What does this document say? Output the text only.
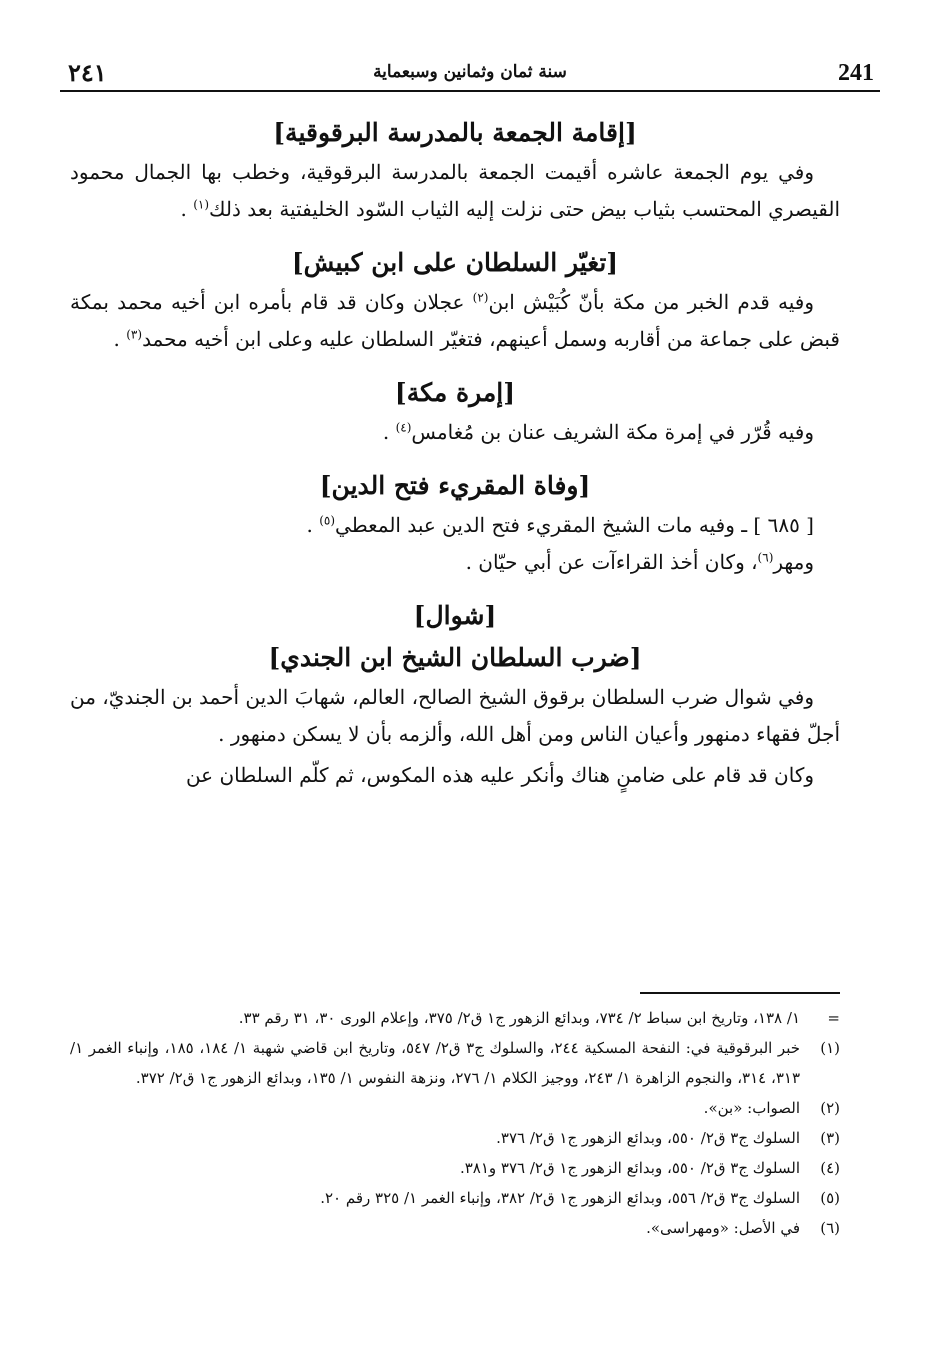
٢٤١	سنة ثمان وثمانين وسبعماية	241
[إقامة الجمعة بالمدرسة البرقوقية]

وفي يوم الجمعة عاشره أقيمت الجمعة بالمدرسة البرقوقية، وخطب بها الجمال محمود القيصري المحتسب بثياب بيض حتى نزلت إليه الثياب السّود الخليفتية بعد ذلك$^{(١)}$ .

[تغيّر السلطان على ابن كبيش]

وفيه قدم الخبر من مكة بأنّ كُبَيْش ابن$^{(٢)}$ عجلان وكان قد قام بأمره ابن أخيه محمد بمكة قبض على جماعة من أقاربه وسمل أعينهم، فتغيّر السلطان عليه وعلى ابن أخيه محمد$^{(٣)}$ .

[إمرة مكة]

وفيه قُرّر في إمرة مكة الشريف عنان بن مُغامس$^{(٤)}$ .

[وفاة المقريء فتح الدين]

[ ٦٨٥ ] ـ وفيه مات الشيخ المقريء فتح الدين عبد المعطي$^{(٥)}$ .

ومهر$^{(٦)}$، وكان أخذ القراءآت عن أبي حيّان .

[شوال]
[ضرب السلطان الشيخ ابن الجندي]

وفي شوال ضرب السلطان برقوق الشيخ الصالح، العالم، شهابَ الدين أحمد بن الجنديّ، من أجلّ فقهاء دمنهور وأعيان الناس ومن أهل الله، وألزمه بأن لا يسكن دمنهور .

وكان قد قام على ضامنٍ هناك وأنكر عليه هذه المكوس، ثم كلّم السلطان عن

=
١/ ١٣٨، وتاريخ ابن سباط ٢/ ٧٣٤، وبدائع الزهور ج١ ق٢/ ٣٧٥، وإعلام الورى ٣٠، ٣١ رقم ٣٣.
(١)
خبر البرقوقية في: النفحة المسكية ٢٤٤، والسلوك ج٣ ق٢/ ٥٤٧، وتاريخ ابن قاضي شهبة ١/ ١٨٤، ١٨٥، وإنباء الغمر ١/ ٣١٣، ٣١٤، والنجوم الزاهرة ١/ ٢٤٣، ووجيز الكلام ١/ ٢٧٦، ونزهة النفوس ١/ ١٣٥، وبدائع الزهور ج١ ق٢/ ٣٧٢.
(٢)
الصواب: «بن».
(٣)
السلوك ج٣ ق٢/ ٥٥٠، وبدائع الزهور ج١ ق٢/ ٣٧٦.
(٤)
السلوك ج٣ ق٢/ ٥٥٠، وبدائع الزهور ج١ ق٢/ ٣٧٦ و٣٨١.
(٥)
السلوك ج٣ ق٢/ ٥٥٦، وبدائع الزهور ج١ ق٢/ ٣٨٢، وإنباء الغمر ١/ ٣٢٥ رقم ٢٠.
(٦)
في الأصل: «ومهراسى».
